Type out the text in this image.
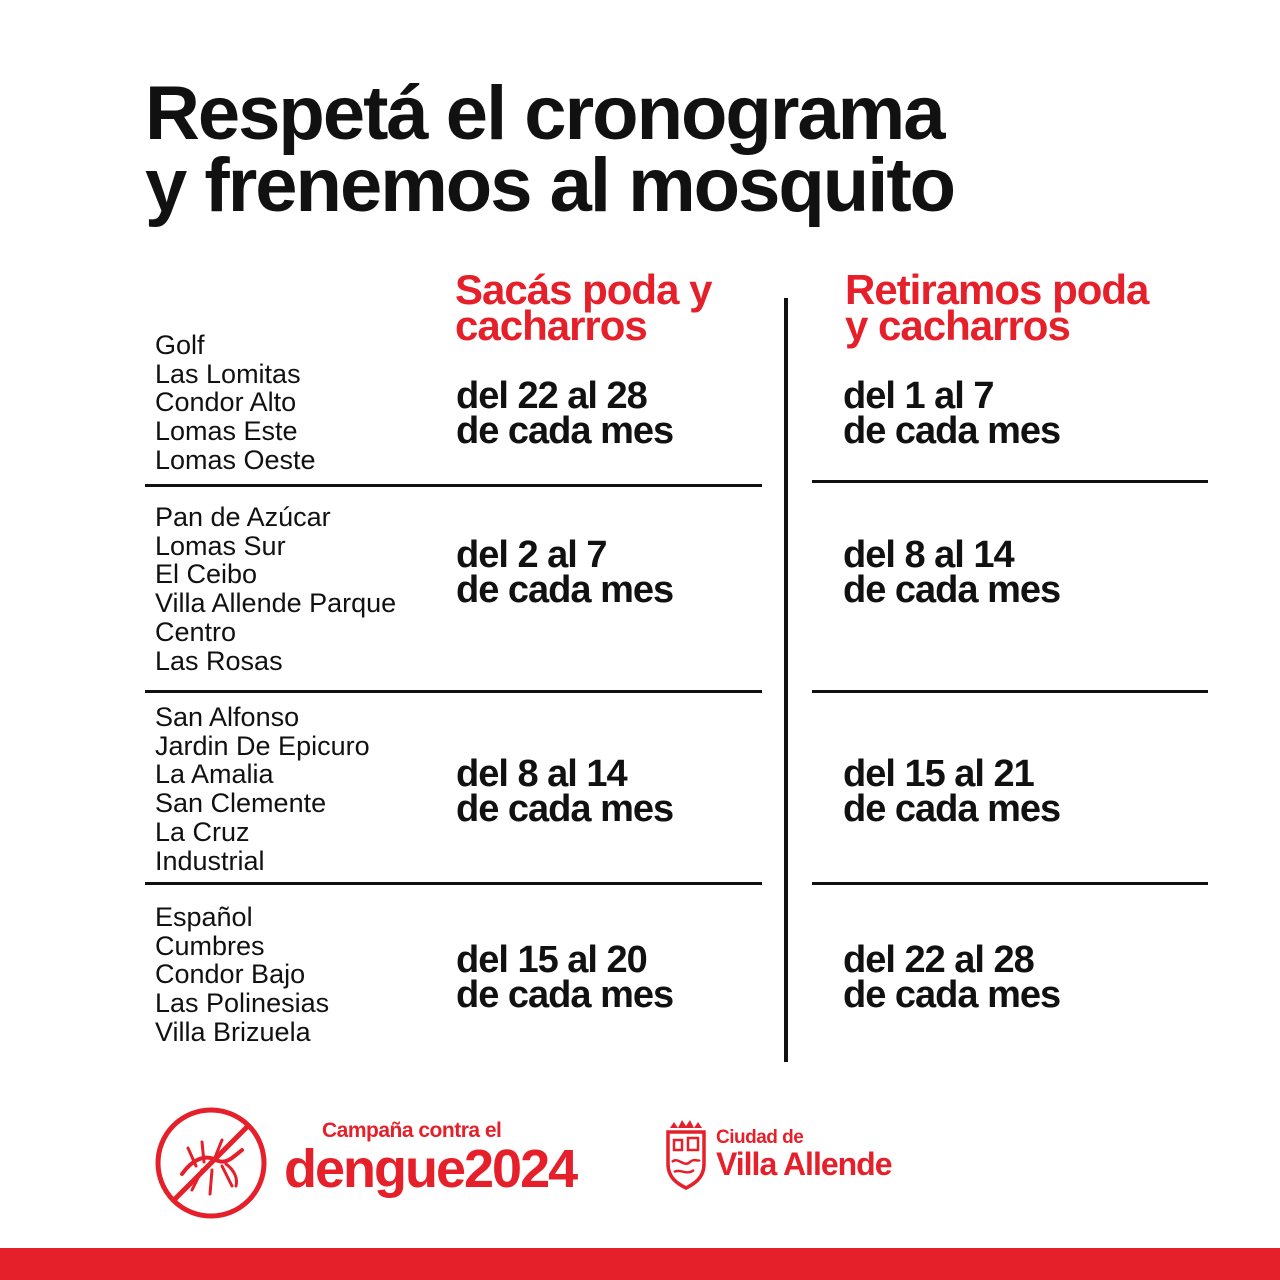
Respetá el cronograma
y frenemos al mosquito
Sacás poda y
cacharros
Retiramos poda
y cacharros
Golf
Las Lomitas
Condor Alto
Lomas Este
Lomas Oeste
del 22 al 28
de cada mes
del 1 al 7
de cada mes
Pan de Azúcar
Lomas Sur
El Ceibo
Villa Allende Parque
Centro
Las Rosas
del 2 al 7
de cada mes
del 8 al 14
de cada mes
San Alfonso
Jardin De Epicuro
La Amalia
San Clemente
La Cruz
Industrial
del 8 al 14
de cada mes
del 15 al 21
de cada mes
Español
Cumbres
Condor Bajo
Las Polinesias
Villa Brizuela
del 15 al 20
de cada mes
del 22 al 28
de cada mes
Campaña contra el
dengue2024
Ciudad de
Villa Allende
